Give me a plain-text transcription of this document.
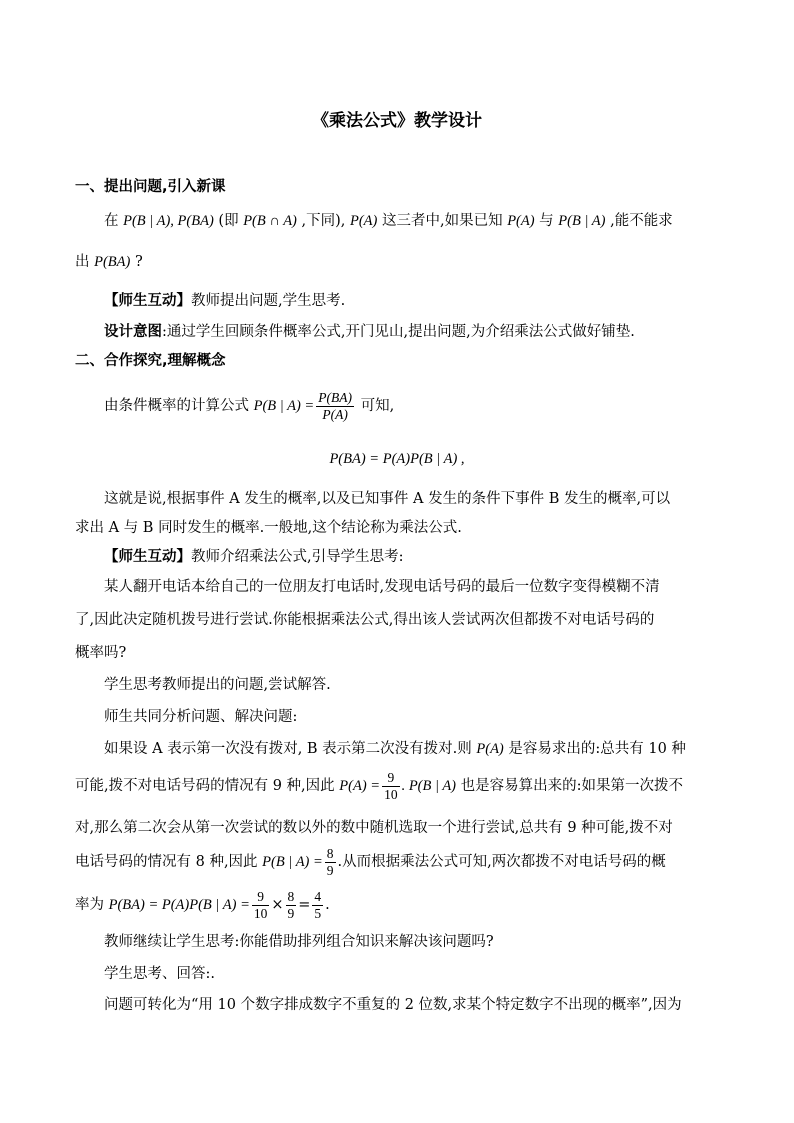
《乘法公式》教学设计
一、提出问题,引入新课
在 P(B | A), P(BA) (即 P(B ∩ A) ,下同), P(A) 这三者中,如果已知 P(A) 与 P(B | A) ,能不能求
出 P(BA) ?
【师生互动】教师提出问题,学生思考.
设计意图:通过学生回顾条件概率公式,开门见山,提出问题,为介绍乘法公式做好铺垫.
二、合作探究,理解概念
由条件概率的计算公式 P(B | $A) = \frac{P(BA)}{P(A)}$ 可知,
P(BA) = P(A)P(B | A) ,
这就是说,根据事件 A 发生的概率,以及已知事件 A 发生的条件下事件 B 发生的概率,可以
求出 A 与 B 同时发生的概率.一般地,这个结论称为乘法公式.
【师生互动】教师介绍乘法公式,引导学生思考:
某人翻开电话本给自己的一位朋友打电话时,发现电话号码的最后一位数字变得模糊不清
了,因此决定随机拨号进行尝试.你能根据乘法公式,得出该人尝试两次但都拨不对电话号码的
概率吗?
学生思考教师提出的问题,尝试解答.
师生共同分析问题、解决问题:
如果设 A 表示第一次没有拨对, B 表示第二次没有拨对.则 P(A) 是容易求出的:总共有 10 种
可能,拨不对电话号码的情况有 9 种,因此 $P(A) = \frac{9}{10}$ . P(B | A) 也是容易算出来的:如果第一次拨不
对,那么第二次会从第一次尝试的数以外的数中随机选取一个进行尝试,总共有 9 种可能,拨不对
电话号码的情况有 8 种,因此 P(B | $A) = \frac{8}{9}$ .从而根据乘法公式可知,两次都拨不对电话号码的概
率为 P(BA) = P(A)P(B | $A) = \frac{9}{10} \times \frac{8}{9} = \frac{4}{5}$ .
教师继续让学生思考:你能借助排列组合知识来解决该问题吗?
学生思考、回答:.
问题可转化为“用 10 个数字排成数字不重复的 2 位数,求某个特定数字不出现的概率”,因为
